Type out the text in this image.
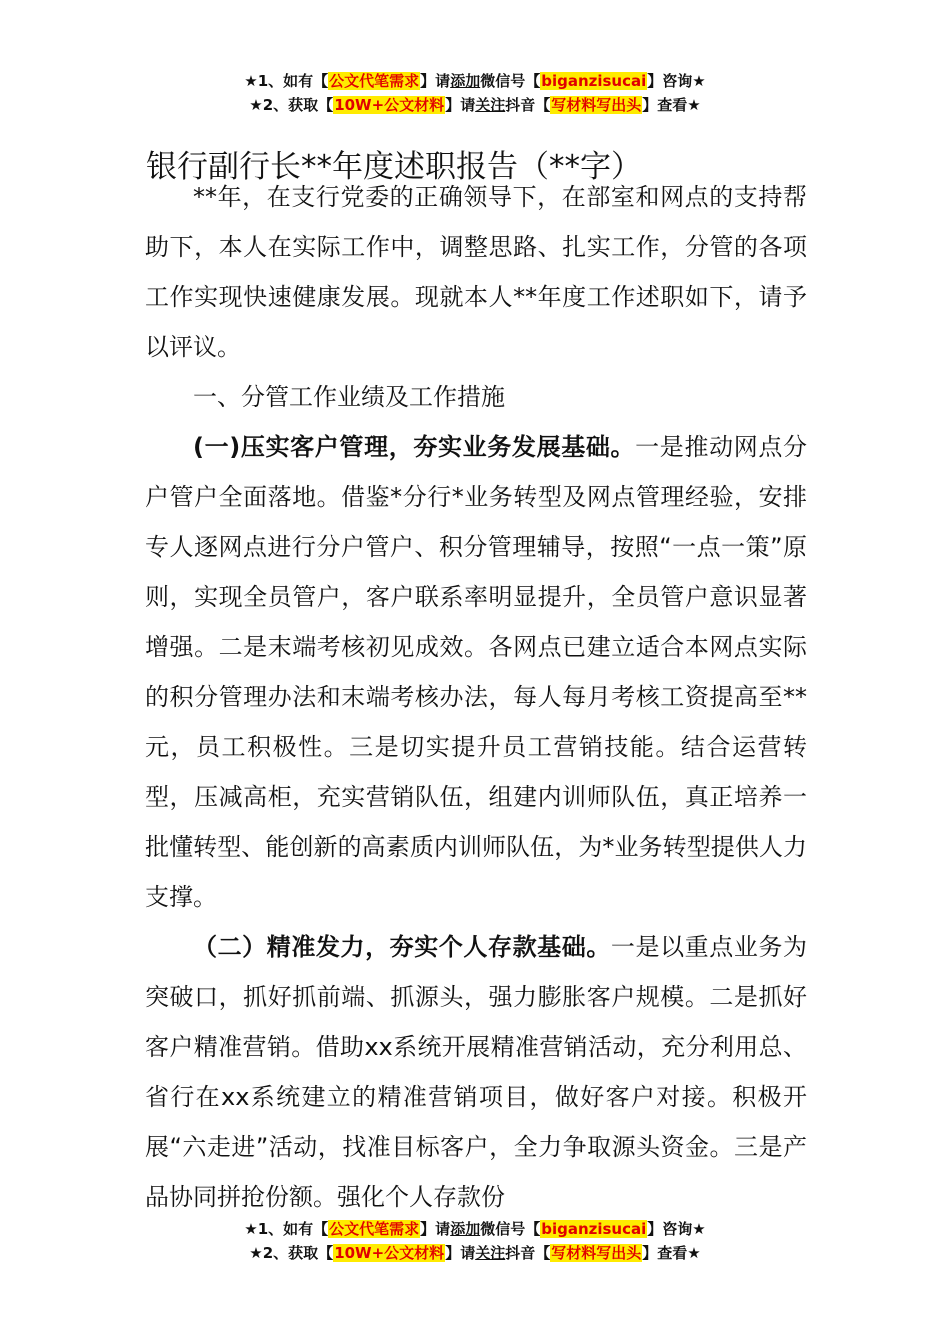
★1、如有【公文代笔需求】请添加微信号【biganzisucai】咨询★
★2、获取【10W+公文材料】请关注抖音【写材料写出头】查看★
银行副行长**年度述职报告（**字）

**年，在支行党委的正确领导下，在部室和网点的支持帮助下，本人在实际工作中，调整思路、扎实工作，分管的各项工作实现快速健康发展。现就本人**年度工作述职如下，请予以评议。

一、分管工作业绩及工作措施

(一)压实客户管理，夯实业务发展基础。一是推动网点分户管户全面落地。借鉴*分行*业务转型及网点管理经验，安排专人逐网点进行分户管户、积分管理辅导，按照“一点一策”原则，实现全员管户，客户联系率明显提升，全员管户意识显著增强。二是末端考核初见成效。各网点已建立适合本网点实际的积分管理办法和末端考核办法，每人每月考核工资提高至**元，员工积极性。三是切实提升员工营销技能。结合运营转型，压减高柜，充实营销队伍，组建内训师队伍，真正培养一批懂转型、能创新的高素质内训师队伍，为*业务转型提供人力支撑。

（二）精准发力，夯实个人存款基础。一是以重点业务为突破口，抓好抓前端、抓源头，强力膨胀客户规模。二是抓好客户精准营销。借助xx系统开展精准营销活动，充分利用总、省行在xx系统建立的精准营销项目，做好客户对接。积极开展“六走进”活动，找准目标客户，全力争取源头资金。三是产品协同拼抢份额。强化个人存款份

★1、如有【公文代笔需求】请添加微信号【biganzisucai】咨询★
★2、获取【10W+公文材料】请关注抖音【写材料写出头】查看★
